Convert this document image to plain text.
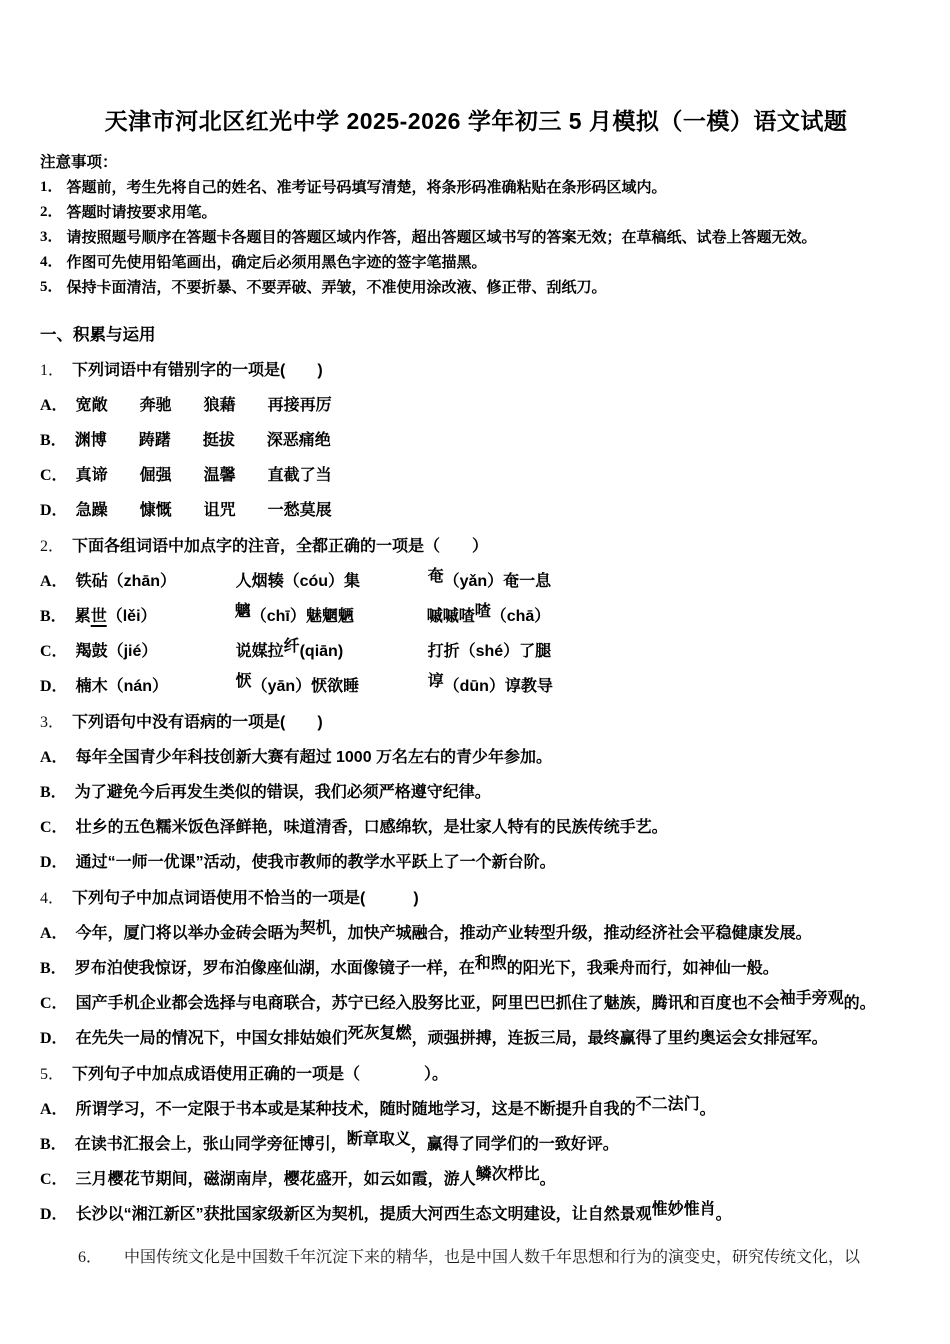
天津市河北区红光中学 2025-2026 学年初三 5 月模拟（一模）语文试题
注意事项：
1． 答题前，考生先将自己的姓名、准考证号码填写清楚，将条形码准确粘贴在条形码区域内。
2． 答题时请按要求用笔。
3． 请按照题号顺序在答题卡各题目的答题区域内作答，超出答题区域书写的答案无效；在草稿纸、试卷上答题无效。
4． 作图可先使用铅笔画出，确定后必须用黑色字迹的签字笔描黑。
5． 保持卡面清洁，不要折暴、不要弄破、弄皱，不准使用涂改液、修正带、刮纸刀。
一、积累与运用
1． 下列词语中有错别字的一项是(　　)
A． 宽敞	奔驰	狼藉	再接再厉
B． 渊博	踌躇	挺拔	深恶痛绝
C． 真谛	倔强	温馨	直截了当
D． 急躁	慷慨	诅咒	一愁莫展
2． 下面各组词语中加点字的注音，全都正确的一项是（　　）
A． 铁砧（zhān）	人烟辏（cóu）集	奄（yǎn）奄一息
B． 累世（lěi）	魑（chī）魅魍魉	嘁嘁喳喳（chā）
C． 羯鼓（jié）	说媒拉纤(qiān)	打折（shé）了腿
D． 楠木（nán）	恹（yān）恹欲睡	谆（dūn）谆教导
3． 下列语句中没有语病的一项是(　　)
A． 每年全国青少年科技创新大赛有超过 1000 万名左右的青少年参加。
B． 为了避免今后再发生类似的错误，我们必须严格遵守纪律。
C． 壮乡的五色糯米饭色泽鲜艳，味道清香，口感绵软，是壮家人特有的民族传统手艺。
D． 通过“一师一优课”活动，使我市教师的教学水平跃上了一个新台阶。
4． 下列句子中加点词语使用不恰当的一项是(　　　)
A． 今年，厦门将以举办金砖会晤为契机，加快产城融合，推动产业转型升级，推动经济社会平稳健康发展。
B． 罗布泊使我惊讶，罗布泊像座仙湖，水面像镜子一样，在和煦的阳光下，我乘舟而行，如神仙一般。
C． 国产手机企业都会选择与电商联合，苏宁已经入股努比亚，阿里巴巴抓住了魅族，腾讯和百度也不会袖手旁观的。
D． 在先失一局的情况下，中国女排姑娘们死灰复燃，顽强拼搏，连扳三局，最终赢得了里约奥运会女排冠军。
5． 下列句子中加点成语使用正确的一项是（　　　　）。
A． 所谓学习，不一定限于书本或是某种技术，随时随地学习，这是不断提升自我的不二法门。
B． 在读书汇报会上，张山同学旁征博引，断章取义，赢得了同学们的一致好评。
C． 三月樱花节期间，磁湖南岸，樱花盛开，如云如霞，游人鳞次栉比。
D． 长沙以“湘江新区”获批国家级新区为契机，提质大河西生态文明建设，让自然景观惟妙惟肖。
6． 中国传统文化是中国数千年沉淀下来的精华，也是中国人数千年思想和行为的演变史，研究传统文化，以
